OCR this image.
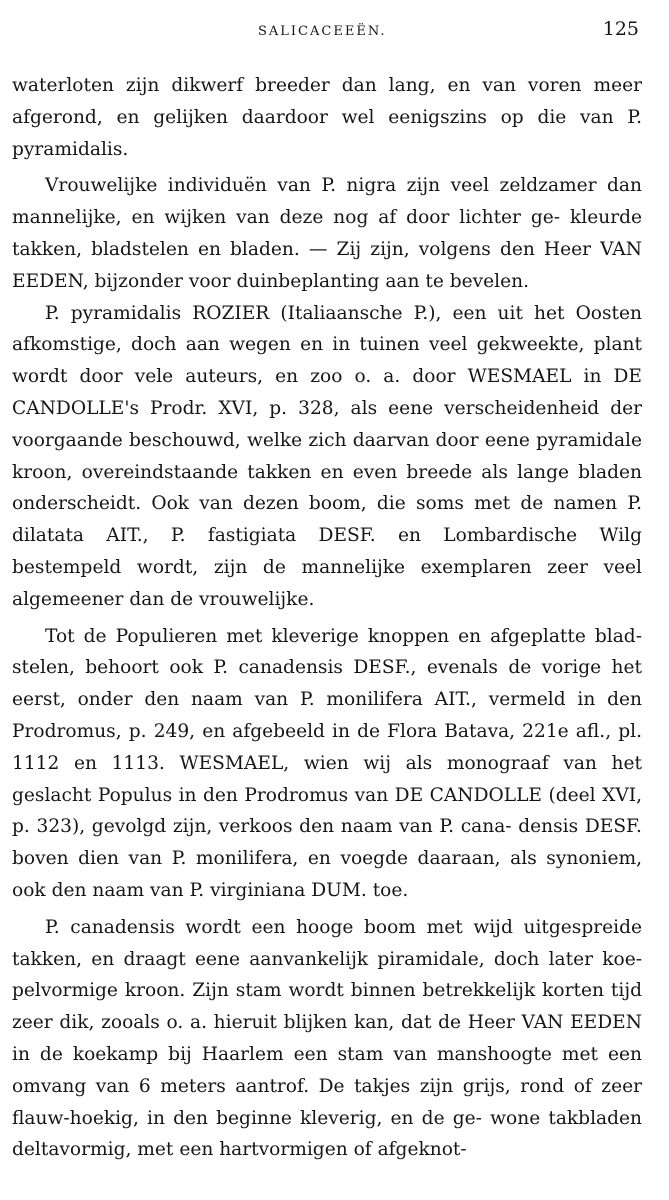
SALICACEEËN.	125

waterloten zijn dikwerf breeder dan lang, en van voren meer afgerond, en gelijken daardoor wel eenigszins op die van P. pyramidalis.

Vrouwelijke individuën van P. nigra zijn veel zeldzamer dan mannelijke, en wijken van deze nog af door lichter ge- kleurde takken, bladstelen en bladen. — Zij zijn, volgens den Heer VAN EEDEN, bijzonder voor duinbeplanting aan te bevelen.

P. pyramidalis ROZIER (Italiaansche P.), een uit het Oosten afkomstige, doch aan wegen en in tuinen veel gekweekte, plant wordt door vele auteurs, en zoo o. a. door WESMAEL in DE CANDOLLE's Prodr. XVI, p. 328, als eene verscheidenheid der voorgaande beschouwd, welke zich daarvan door eene pyramidale kroon, overeindstaande takken en even breede als lange bladen onderscheidt. Ook van dezen boom, die soms met de namen P. dilatata AIT., P. fastigiata DESF. en Lombardische Wilg bestempeld wordt, zijn de mannelijke exemplaren zeer veel algemeener dan de vrouwelijke.

Tot de Populieren met kleverige knoppen en afgeplatte blad- stelen, behoort ook P. canadensis DESF., evenals de vorige het eerst, onder den naam van P. monilifera AIT., vermeld in den Prodromus, p. 249, en afgebeeld in de Flora Batava, 221e afl., pl. 1112 en 1113. WESMAEL, wien wij als monograaf van het geslacht Populus in den Prodromus van DE CANDOLLE (deel XVI, p. 323), gevolgd zijn, verkoos den naam van P. cana- densis DESF. boven dien van P. monilifera, en voegde daaraan, als synoniem, ook den naam van P. virginiana DUM. toe.

P. canadensis wordt een hooge boom met wijd uitgespreide takken, en draagt eene aanvankelijk piramidale, doch later koe- pelvormige kroon. Zijn stam wordt binnen betrekkelijk korten tijd zeer dik, zooals o. a. hieruit blijken kan, dat de Heer VAN EEDEN in de koekamp bij Haarlem een stam van manshoogte met een omvang van 6 meters aantrof. De takjes zijn grijs, rond of zeer flauw-hoekig, in den beginne kleverig, en de ge- wone takbladen deltavormig, met een hartvormigen of afgeknot-
